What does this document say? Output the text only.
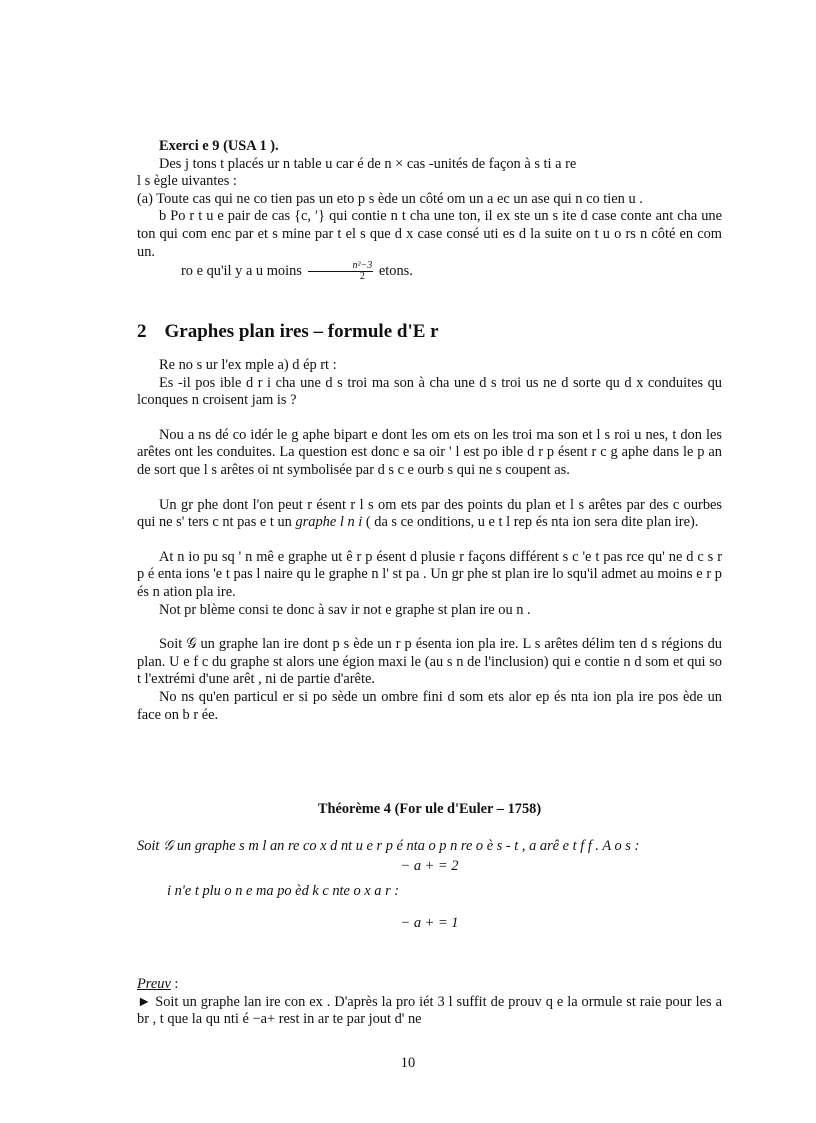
Exerci e 9 (USA 1 ).

Des j tons t placés ur n table u car é de n × cas -unités de façon à s ti a re

l s ègle uivantes :

(a) Toute cas qui ne co tien pas un eto p s ède un côté om un a ec un ase qui n co tien u .

b Po r t u e pair de cas {c, ′} qui contie n t cha une ton, il ex ste un s ite d case conte ant cha une ton qui com enc par et s mine par t el s que d x case consé uti es d la suite on t u o rs n côté en com un.

ro e qu'il y a u moins $\frac{\text{n²−3}}{2}$ etons.

2 Graphes plan ires – formule d'E r

Re no s ur l'ex mple a) d ép rt :

Es -il pos ible d r i cha une d s troi ma son à cha une d s troi us ne d sorte qu d x conduites qu lconques n croisent jam is ?

Nou a ns dé co idér le g aphe bipart e dont les om ets on les troi ma son et l s roi u nes, t don les arêtes ont les conduites. La question est donc e sa oir ' l est po ible d r p ésent r c g aphe dans le p an de sort que l s arêtes oi nt symbolisée par d s c e ourb s qui ne s coupent as.

Un gr phe dont l'on peut r ésent r l s om ets par des points du plan et l s arêtes par des c ourbes qui ne s' ters c nt pas e t un graphe l n i ( da s ce onditions, u e t l rep és nta ion sera dite plan ire).

At n io pu sq ' n mê e graphe ut ê r p ésent d plusie r façons différent s c 'e t pas rce qu' ne d c s r p é enta ions 'e t pas l naire qu le graphe n l' st pa . Un gr phe st plan ire lo squ'il admet au moins e r p és n ation pla ire.

Not pr blème consi te donc à sav ir not e graphe st plan ire ou n .

Soit 𝒢 un graphe lan ire dont p s ède un r p ésenta ion pla ire. L s arêtes délim ten d s régions du plan. U e f c du graphe st alors une égion maxi le (au s n de l'inclusion) qui e contie n d som et qui so t l'extrémi d'une arêt , ni de partie d'arête.

No ns qu'en particul er si po sède un ombre fini d som ets alor ep és nta ion pla ire pos ède un face on b r ée.

Théorème 4 (For ule d'Euler – 1758)

Soit 𝒢 un graphe s m l an re co x d nt u e r p é nta o p n re o è s - t , a arê e t f f . A o s :

− a + = 2

i n'e t plu o n e ma po èd k c nte o x a r :

− a + = 1

Preuv :

► Soit un graphe lan ire con ex . D'après la pro iét 3 l suffit de prouv q e la ormule st raie pour les a br , t que la qu nti é −a+ rest in ar te par jout d' ne

10
